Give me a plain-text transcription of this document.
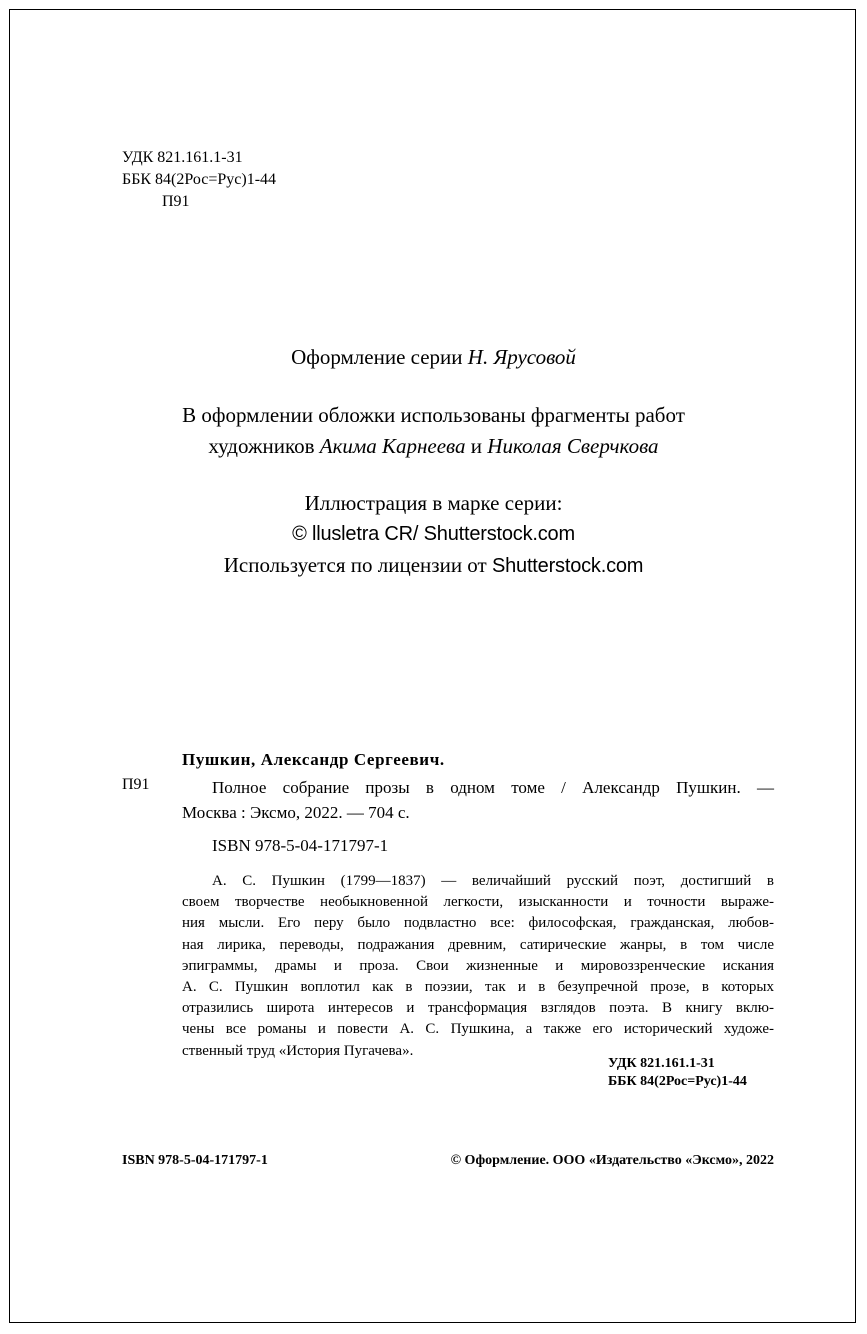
УДК 821.161.1-31
ББК 84(2Рос=Рус)1-44
П91
Оформление серии Н. Ярусовой
В оформлении обложки использованы фрагменты работ
художников Акима Карнеева и Николая Сверчкова
Иллюстрация в марке серии:
© llusletra CR/ Shutterstock.com
Используется по лицензии от Shutterstock.com
Пушкин, Александр Сергеевич.
П91	Полное собрание прозы в одном томе / Александр Пушкин. —
Москва : Эксмо, 2022. — 704 с.
ISBN 978-5-04-171797-1
А. С. Пушкин (1799—1837) — величайший русский поэт, достигший в
своем творчестве необыкновенной легкости, изысканности и точности выраже-
ния мысли. Его перу было подвластно все: философская, гражданская, любов-
ная лирика, переводы, подражания древним, сатирические жанры, в том числе
эпиграммы, драмы и проза. Свои жизненные и мировоззренческие искания
А. С. Пушкин воплотил как в поэзии, так и в безупречной прозе, в которых
отразились широта интересов и трансформация взглядов поэта. В книгу вклю-
чены все романы и повести А. С. Пушкина, а также его исторический художе-
ственный труд «История Пугачева».
УДК 821.161.1-31
ББК 84(2Рос=Рус)1-44
ISBN 978-5-04-171797-1	© Оформление. ООО «Издательство «Эксмо», 2022
